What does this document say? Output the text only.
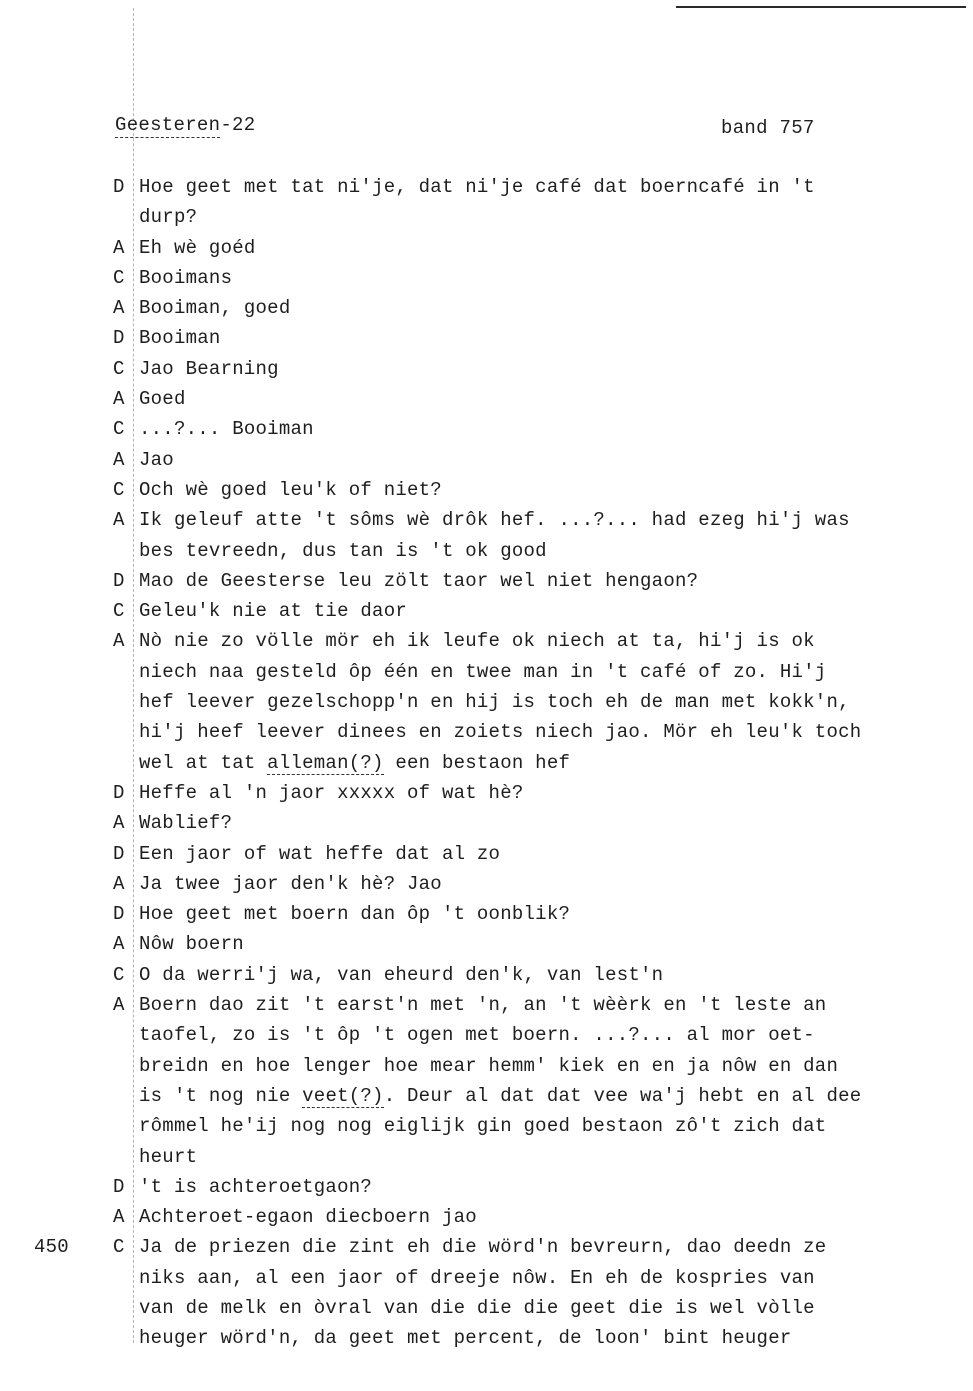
Geesteren-22	band 757
D Hoe geet met tat ni'je, dat ni'je café dat boerncafé in 't
durp?
A Eh wè goéd
C Booimans
A Booiman, goed
D Booiman
C Jao Bearning
A Goed
C ...?... Booiman
A Jao
C Och wè goed leu'k of niet?
A Ik geleuf atte 't sôms wè drôk hef. ...?... had ezeg hi'j was
bes tevreedn, dus tan is 't ok good
D Mao de Geesterse leu zölt taor wel niet hengaon?
C Geleu'k nie at tie daor
A Nò nie zo völle mör eh ik leufe ok niech at ta, hi'j is ok
niech naa gesteld ôp één en twee man in 't café of zo. Hi'j
hef leever gezelschopp'n en hij is toch eh de man met kokk'n,
hi'j heef leever dinees en zoiets niech jao. Mör eh leu'k toch
wel at tat alleman(?) een bestaon hef
D Heffe al 'n jaor xxxxx of wat hè?
A Wablief?
D Een jaor of wat heffe dat al zo
A Ja twee jaor den'k hè? Jao
D Hoe geet met boern dan ôp 't oonblik?
A Nôw boern
C O da werri'j wa, van eheurd den'k, van lest'n
A Boern dao zit 't earst'n met 'n, an 't wèèrk en 't leste an
taofel, zo is 't ôp 't ogen met boern. ...?... al mor oet-
breidn en hoe lenger hoe mear hemm' kiek en en ja nôw en dan
is 't nog nie veet(?). Deur al dat dat vee wa'j hebt en al dee
rômmel he'ij nog nog eiglijk gin goed bestaon zô't zich dat
heurt
D 't is achteroetgaon?
A Achteroet-egaon diecboern jao
450 C Ja de priezen die zint eh die wörd'n bevreurn, dao deedn ze
niks aan, al een jaor of dreeje nôw. En eh de kospries van
van de melk en òvral van die die die geet die is wel vòlle
heuger wörd'n, da geet met percent, de loon' bint heuger
